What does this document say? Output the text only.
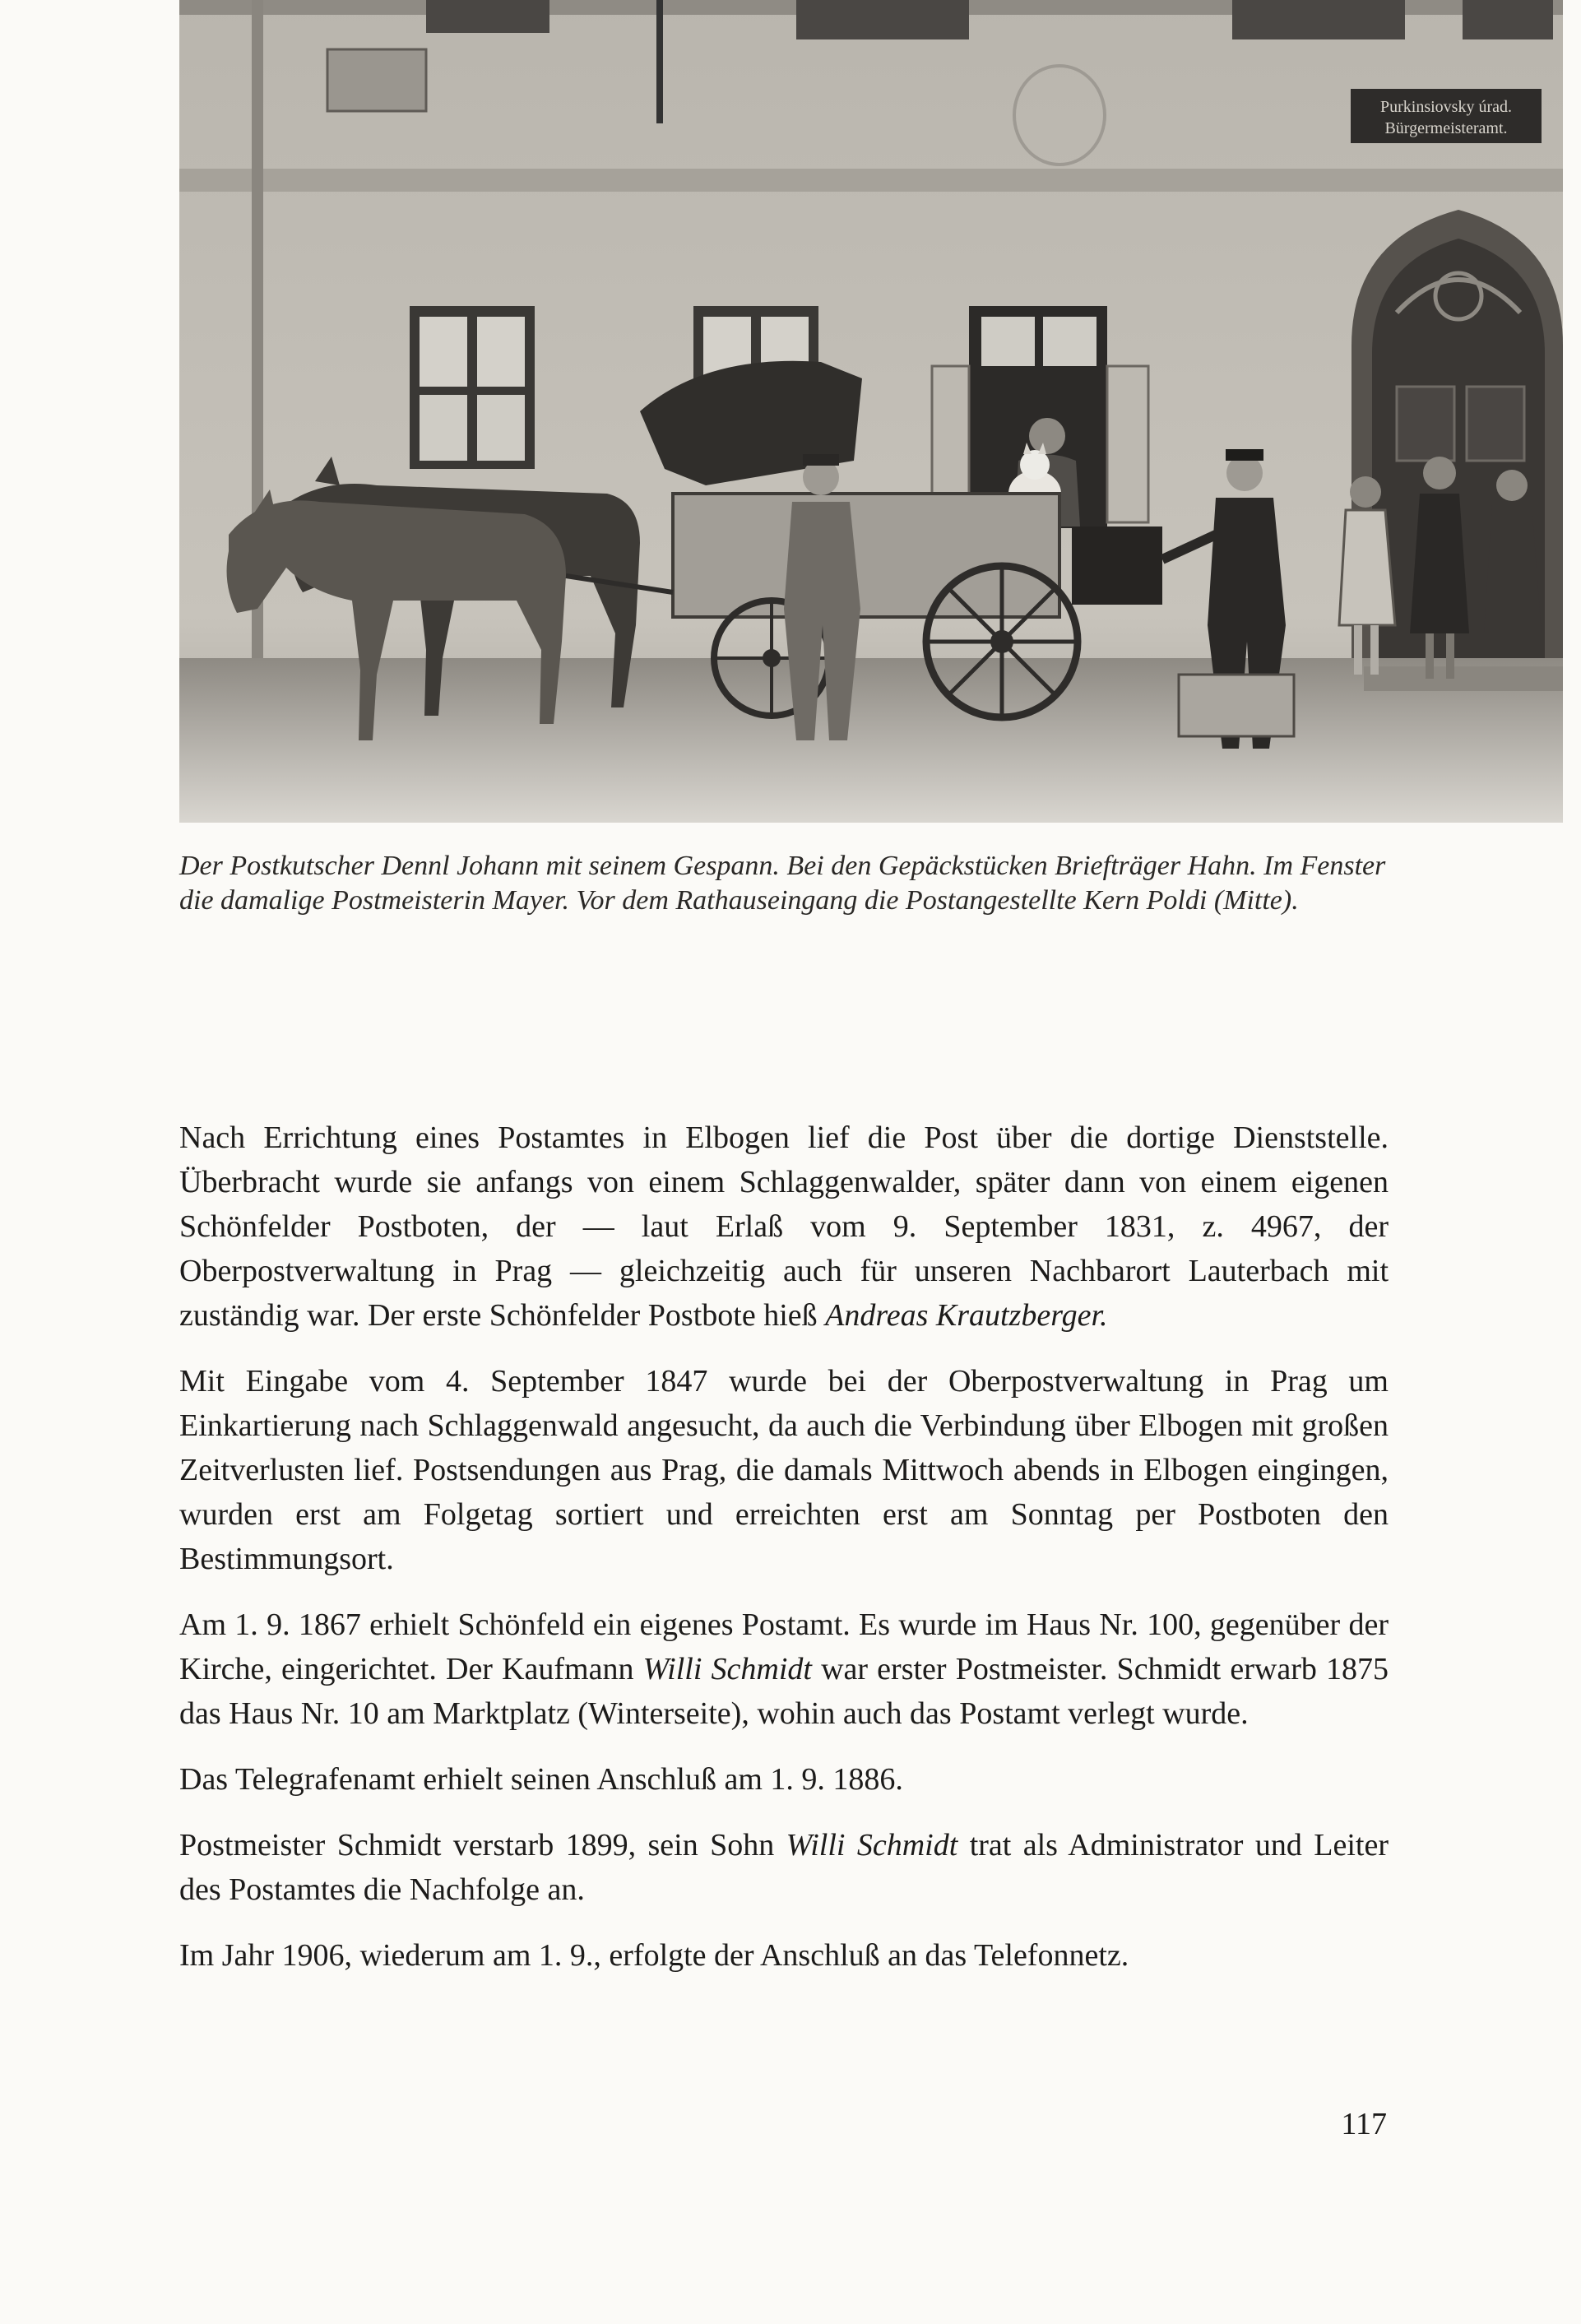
Purkinsiovsky úrad.
Bürgermeisteramt.

Der Postkutscher Dennl Johann mit seinem Gespann. Bei den Gepäckstücken Briefträger Hahn. Im Fenster die damalige Postmeisterin Mayer. Vor dem Rathauseingang die Postangestellte Kern Poldi (Mitte).

Nach Errichtung eines Postamtes in Elbogen lief die Post über die dortige Dienststelle. Überbracht wurde sie anfangs von einem Schlaggenwalder, später dann von einem eigenen Schönfelder Postboten, der — laut Erlaß vom 9. September 1831, z. 4967, der Oberpostverwaltung in Prag — gleichzeitig auch für unseren Nachbarort Lauterbach mit zuständig war. Der erste Schönfelder Postbote hieß Andreas Krautzberger.

Mit Eingabe vom 4. September 1847 wurde bei der Oberpostverwaltung in Prag um Einkartierung nach Schlaggenwald angesucht, da auch die Verbindung über Elbogen mit großen Zeitverlusten lief. Postsendungen aus Prag, die damals Mittwoch abends in Elbogen eingingen, wurden erst am Folgetag sortiert und erreichten erst am Sonntag per Postboten den Bestimmungsort.

Am 1. 9. 1867 erhielt Schönfeld ein eigenes Postamt. Es wurde im Haus Nr. 100, gegenüber der Kirche, eingerichtet. Der Kaufmann Willi Schmidt war erster Postmeister. Schmidt erwarb 1875 das Haus Nr. 10 am Marktplatz (Winterseite), wohin auch das Postamt verlegt wurde.

Das Telegrafenamt erhielt seinen Anschluß am 1. 9. 1886.

Postmeister Schmidt verstarb 1899, sein Sohn Willi Schmidt trat als Administrator und Leiter des Postamtes die Nachfolge an.

Im Jahr 1906, wiederum am 1. 9., erfolgte der Anschluß an das Telefonnetz.

117
